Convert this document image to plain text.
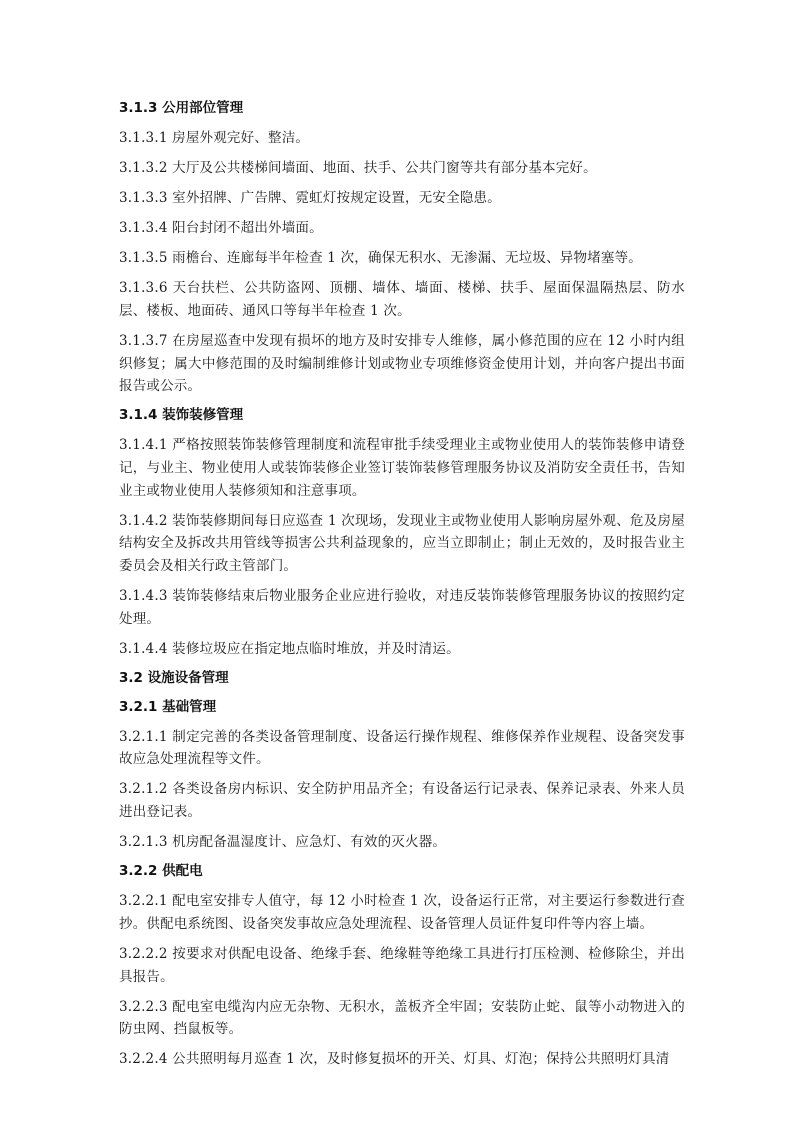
3.1.3 公用部位管理
3.1.3.1 房屋外观完好、整洁。
3.1.3.2 大厅及公共楼梯间墙面、地面、扶手、公共门窗等共有部分基本完好。
3.1.3.3 室外招牌、广告牌、霓虹灯按规定设置，无安全隐患。
3.1.3.4 阳台封闭不超出外墙面。
3.1.3.5 雨檐台、连廊每半年检查 1 次，确保无积水、无渗漏、无垃圾、异物堵塞等。
3.1.3.6 天台扶栏、公共防盗网、顶棚、墙体、墙面、楼梯、扶手、屋面保温隔热层、防水层、楼板、地面砖、通风口等每半年检查 1 次。
3.1.3.7 在房屋巡查中发现有损坏的地方及时安排专人维修，属小修范围的应在 12 小时内组织修复；属大中修范围的及时编制维修计划或物业专项维修资金使用计划，并向客户提出书面报告或公示。
3.1.4 装饰装修管理
3.1.4.1 严格按照装饰装修管理制度和流程审批手续受理业主或物业使用人的装饰装修申请登记，与业主、物业使用人或装饰装修企业签订装饰装修管理服务协议及消防安全责任书，告知业主或物业使用人装修须知和注意事项。
3.1.4.2 装饰装修期间每日应巡查 1 次现场，发现业主或物业使用人影响房屋外观、危及房屋结构安全及拆改共用管线等损害公共利益现象的，应当立即制止；制止无效的，及时报告业主委员会及相关行政主管部门。
3.1.4.3 装饰装修结束后物业服务企业应进行验收，对违反装饰装修管理服务协议的按照约定处理。
3.1.4.4 装修垃圾应在指定地点临时堆放，并及时清运。
3.2 设施设备管理
3.2.1 基础管理
3.2.1.1 制定完善的各类设备管理制度、设备运行操作规程、维修保养作业规程、设备突发事故应急处理流程等文件。
3.2.1.2 各类设备房内标识、安全防护用品齐全；有设备运行记录表、保养记录表、外来人员进出登记表。
3.2.1.3 机房配备温湿度计、应急灯、有效的灭火器。
3.2.2 供配电
3.2.2.1 配电室安排专人值守，每 12 小时检查 1 次，设备运行正常，对主要运行参数进行查抄。供配电系统图、设备突发事故应急处理流程、设备管理人员证件复印件等内容上墙。
3.2.2.2 按要求对供配电设备、绝缘手套、绝缘鞋等绝缘工具进行打压检测、检修除尘，并出具报告。
3.2.2.3 配电室电缆沟内应无杂物、无积水，盖板齐全牢固；安装防止蛇、鼠等小动物进入的防虫网、挡鼠板等。
3.2.2.4 公共照明每月巡查 1 次，及时修复损坏的开关、灯具、灯泡；保持公共照明灯具清
